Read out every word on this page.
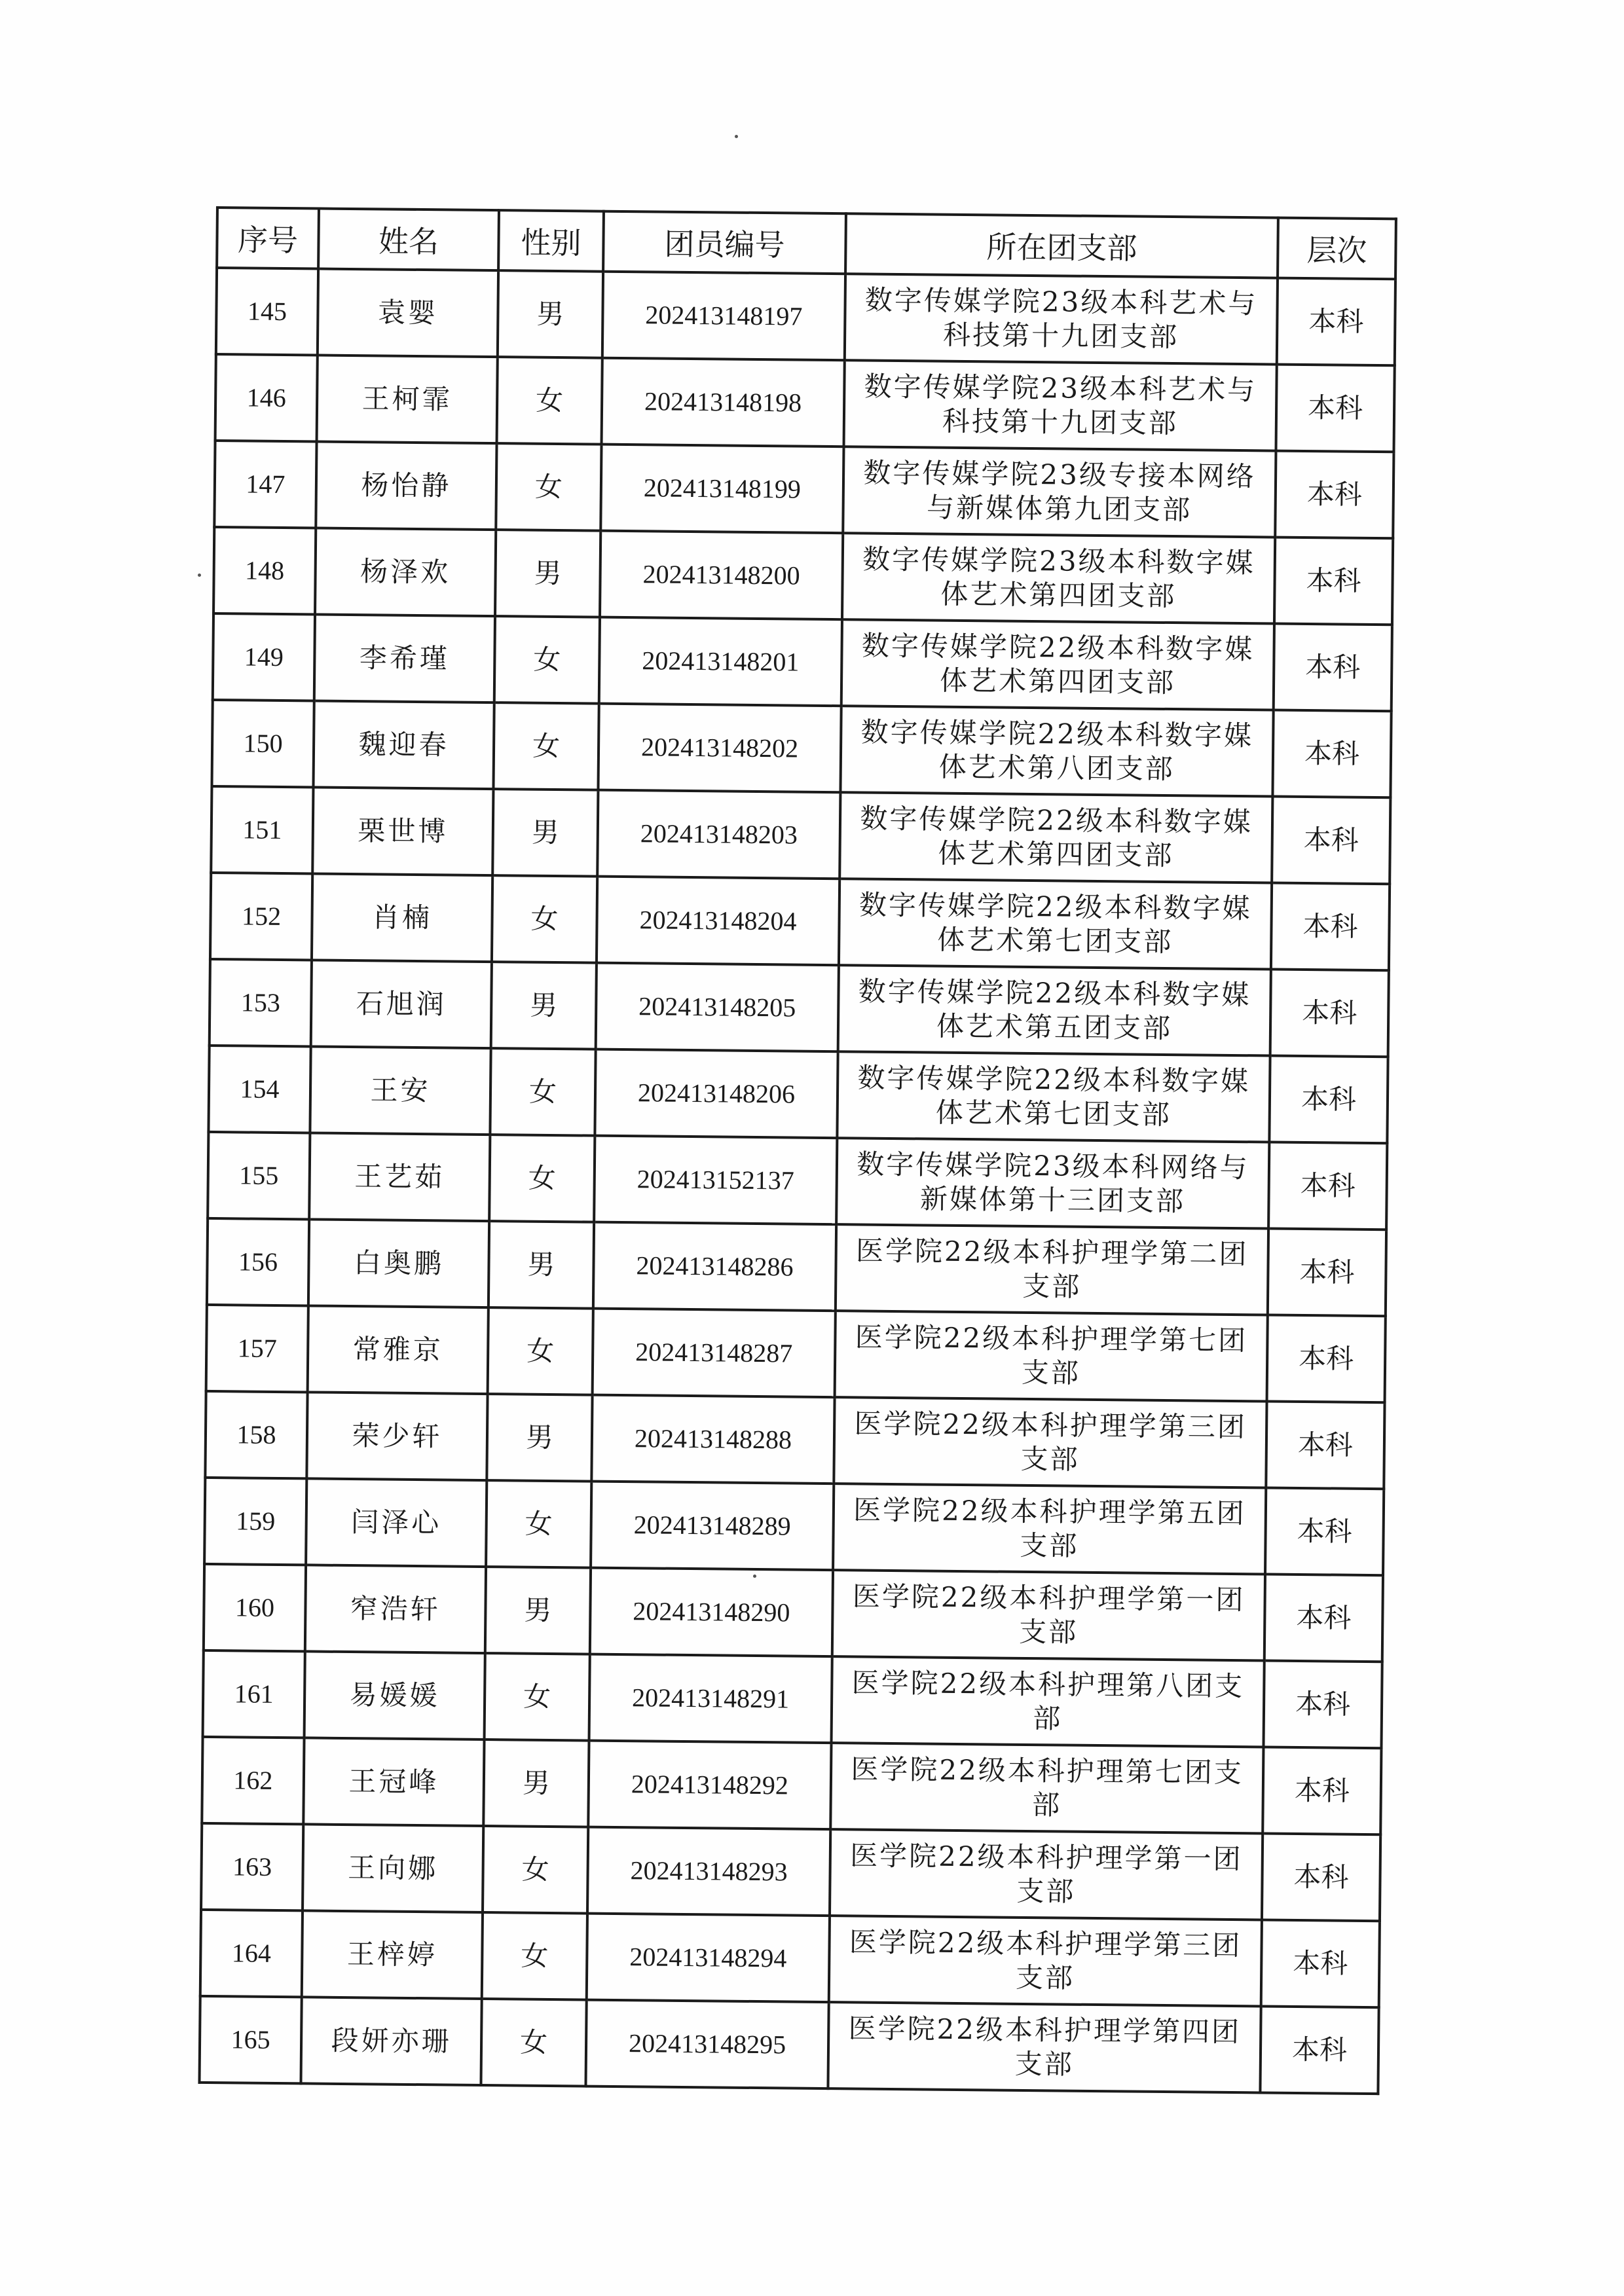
序号	姓名	性别	团员编号	所在团支部	层次
145	袁婴	男	202413148197	数字传媒学院23级本科艺术与科技第十九团支部	本科
146	王柯霏	女	202413148198	数字传媒学院23级本科艺术与科技第十九团支部	本科
147	杨怡静	女	202413148199	数字传媒学院23级专接本网络与新媒体第九团支部	本科
148	杨泽欢	男	202413148200	数字传媒学院23级本科数字媒体艺术第四团支部	本科
149	李希瑾	女	202413148201	数字传媒学院22级本科数字媒体艺术第四团支部	本科
150	魏迎春	女	202413148202	数字传媒学院22级本科数字媒体艺术第八团支部	本科
151	栗世博	男	202413148203	数字传媒学院22级本科数字媒体艺术第四团支部	本科
152	肖楠	女	202413148204	数字传媒学院22级本科数字媒体艺术第七团支部	本科
153	石旭润	男	202413148205	数字传媒学院22级本科数字媒体艺术第五团支部	本科
154	王安	女	202413148206	数字传媒学院22级本科数字媒体艺术第七团支部	本科
155	王艺茹	女	202413152137	数字传媒学院23级本科网络与新媒体第十三团支部	本科
156	白奥鹏	男	202413148286	医学院22级本科护理学第二团支部	本科
157	常雅京	女	202413148287	医学院22级本科护理学第七团支部	本科
158	荣少轩	男	202413148288	医学院22级本科护理学第三团支部	本科
159	闫泽心	女	202413148289	医学院22级本科护理学第五团支部	本科
160	窄浩轩	男	202413148290	医学院22级本科护理学第一团支部	本科
161	易媛媛	女	202413148291	医学院22级本科护理第八团支部	本科
162	王冠峰	男	202413148292	医学院22级本科护理第七团支部	本科
163	王向娜	女	202413148293	医学院22级本科护理学第一团支部	本科
164	王梓婷	女	202413148294	医学院22级本科护理学第三团支部	本科
165	段妍亦珊	女	202413148295	医学院22级本科护理学第四团支部	本科
